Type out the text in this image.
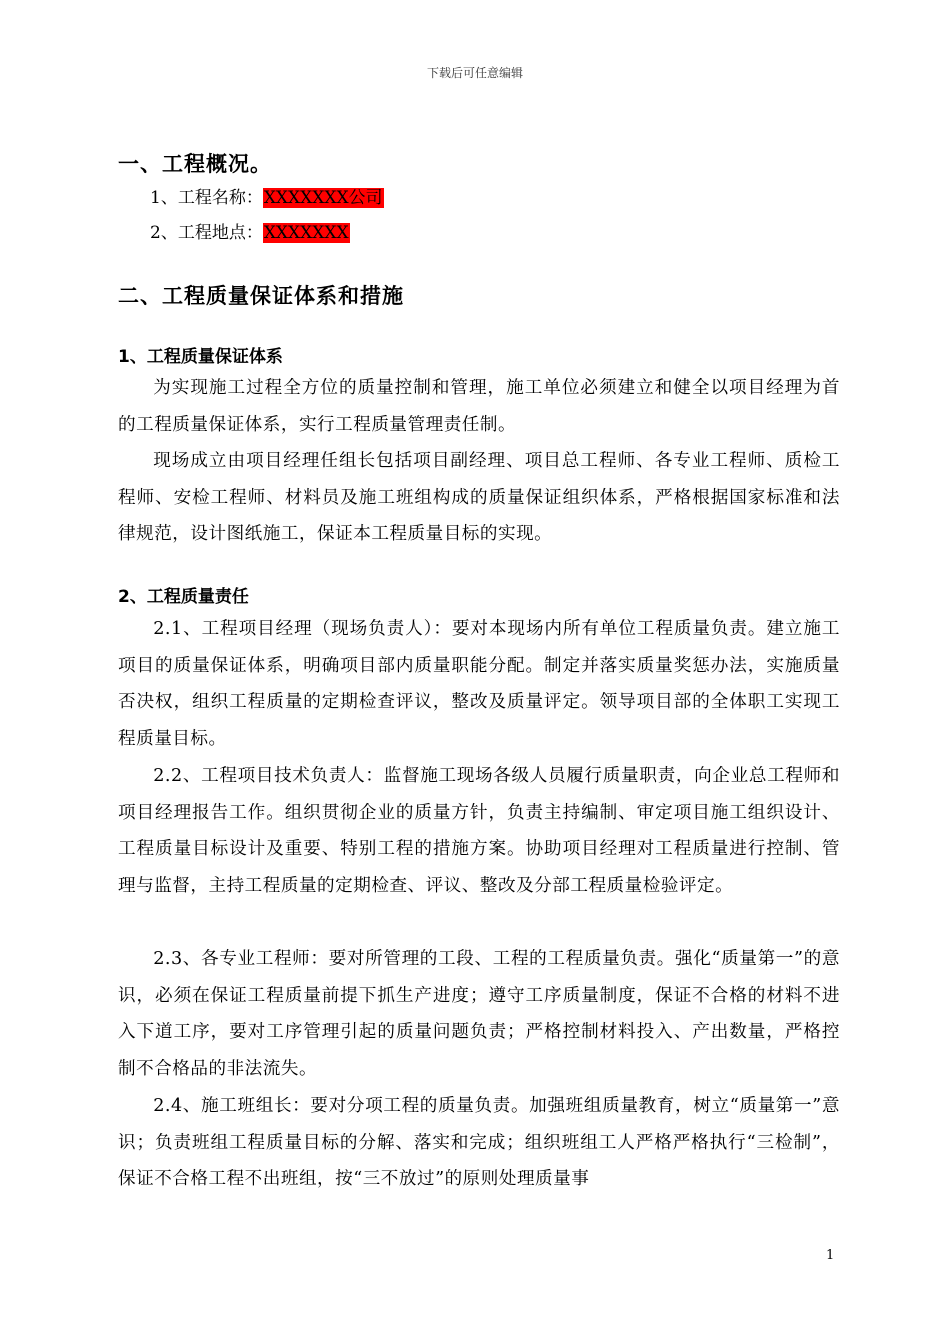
下载后可任意编辑
一、工程概况。
1、工程名称：XXXXXXX公司
2、工程地点：XXXXXXX
二、工程质量保证体系和措施
1、工程质量保证体系

为实现施工过程全方位的质量控制和管理，施工单位必须建立和健全以项目经理为首的工程质量保证体系，实行工程质量管理责任制。

现场成立由项目经理任组长包括项目副经理、项目总工程师、各专业工程师、质检工程师、安检工程师、材料员及施工班组构成的质量保证组织体系，严格根据国家标准和法律规范，设计图纸施工，保证本工程质量目标的实现。

2、工程质量责任

2.1、工程项目经理（现场负责人）：要对本现场内所有单位工程质量负责。建立施工项目的质量保证体系，明确项目部内质量职能分配。制定并落实质量奖惩办法，实施质量否决权，组织工程质量的定期检查评议，整改及质量评定。领导项目部的全体职工实现工程质量目标。

2.2、工程项目技术负责人：监督施工现场各级人员履行质量职责，向企业总工程师和项目经理报告工作。组织贯彻企业的质量方针，负责主持编制、审定项目施工组织设计、工程质量目标设计及重要、特别工程的措施方案。协助项目经理对工程质量进行控制、管理与监督，主持工程质量的定期检查、评议、整改及分部工程质量检验评定。

2.3、各专业工程师：要对所管理的工段、工程的工程质量负责。强化“质量第一”的意识，必须在保证工程质量前提下抓生产进度；遵守工序质量制度，保证不合格的材料不进入下道工序，要对工序管理引起的质量问题负责；严格控制材料投入、产出数量，严格控制不合格品的非法流失。

2.4、施工班组长：要对分项工程的质量负责。加强班组质量教育，树立“质量第一”意识；负责班组工程质量目标的分解、落实和完成；组织班组工人严格严格执行“三检制”，保证不合格工程不出班组，按“三不放过”的原则处理质量事

1
